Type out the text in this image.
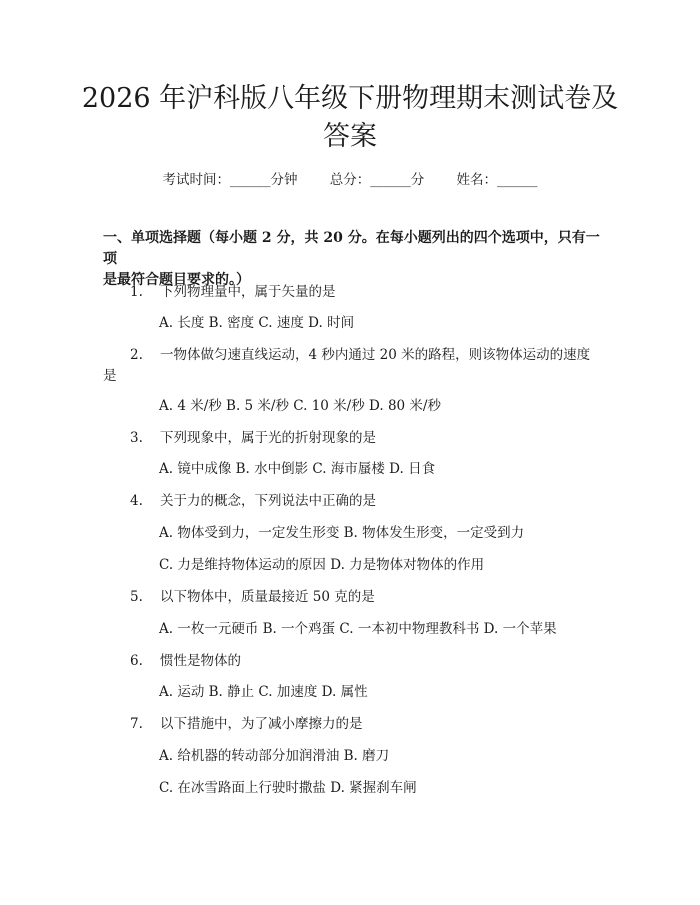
2026 年沪科版八年级下册物理期末测试卷及
答案
考试时间：______分钟 总分：______分 姓名：______
一、单项选择题（每小题 2 分，共 20 分。在每小题列出的四个选项中，只有一项
是最符合题目要求的。）
1. 下列物理量中，属于矢量的是
A. 长度 B. 密度 C. 速度 D. 时间
2. 一物体做匀速直线运动，4 秒内通过 20 米的路程，则该物体运动的速度
是
A. 4 米/秒 B. 5 米/秒 C. 10 米/秒 D. 80 米/秒
3. 下列现象中，属于光的折射现象的是
A. 镜中成像 B. 水中倒影 C. 海市蜃楼 D. 日食
4. 关于力的概念，下列说法中正确的是
A. 物体受到力，一定发生形变 B. 物体发生形变，一定受到力
C. 力是维持物体运动的原因 D. 力是物体对物体的作用
5. 以下物体中，质量最接近 50 克的是
A. 一枚一元硬币 B. 一个鸡蛋 C. 一本初中物理教科书 D. 一个苹果
6. 惯性是物体的
A. 运动 B. 静止 C. 加速度 D. 属性
7. 以下措施中，为了减小摩擦力的是
A. 给机器的转动部分加润滑油 B. 磨刀
C. 在冰雪路面上行驶时撒盐 D. 紧握刹车闸
